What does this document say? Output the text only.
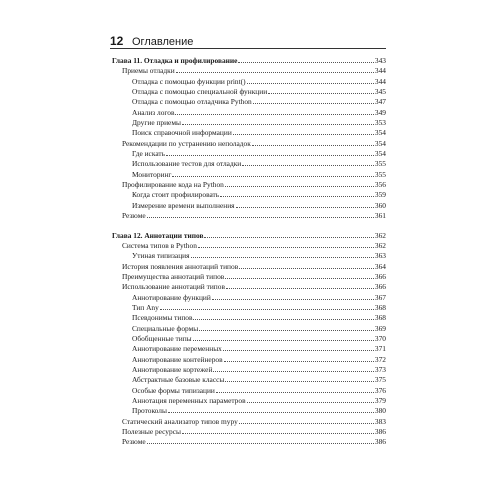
12 Оглавление
Глава 11. Отладка и профилирование	343
Приемы отладки	344
Отладка с помощью функции print()	344
Отладка с помощью специальной функции	345
Отладка с помощью отладчика Python	347
Анализ логов	349
Другие приемы	353
Поиск справочной информации	354
Рекомендации по устранению неполадок	354
Где искать	354
Использование тестов для отладки	355
Мониторинг	355
Профилирование кода на Python	356
Когда стоит профилировать	359
Измерение времени выполнения	360
Резюме	361
Глава 12. Аннотации типов	362
Система типов в Python	362
Утиная типизация	363
История появления аннотаций типов	364
Преимущества аннотаций типов	366
Использование аннотаций типов	366
Аннотирование функций	367
Тип Any	368
Псевдонимы типов	368
Специальные формы	369
Обобщенные типы	370
Аннотирование переменных	371
Аннотирование контейнеров	372
Аннотирование кортежей	373
Абстрактные базовые классы	375
Особые формы типизации	376
Аннотация переменных параметров	379
Протоколы	380
Статический анализатор типов mypy	383
Полезные ресурсы	386
Резюме	386
